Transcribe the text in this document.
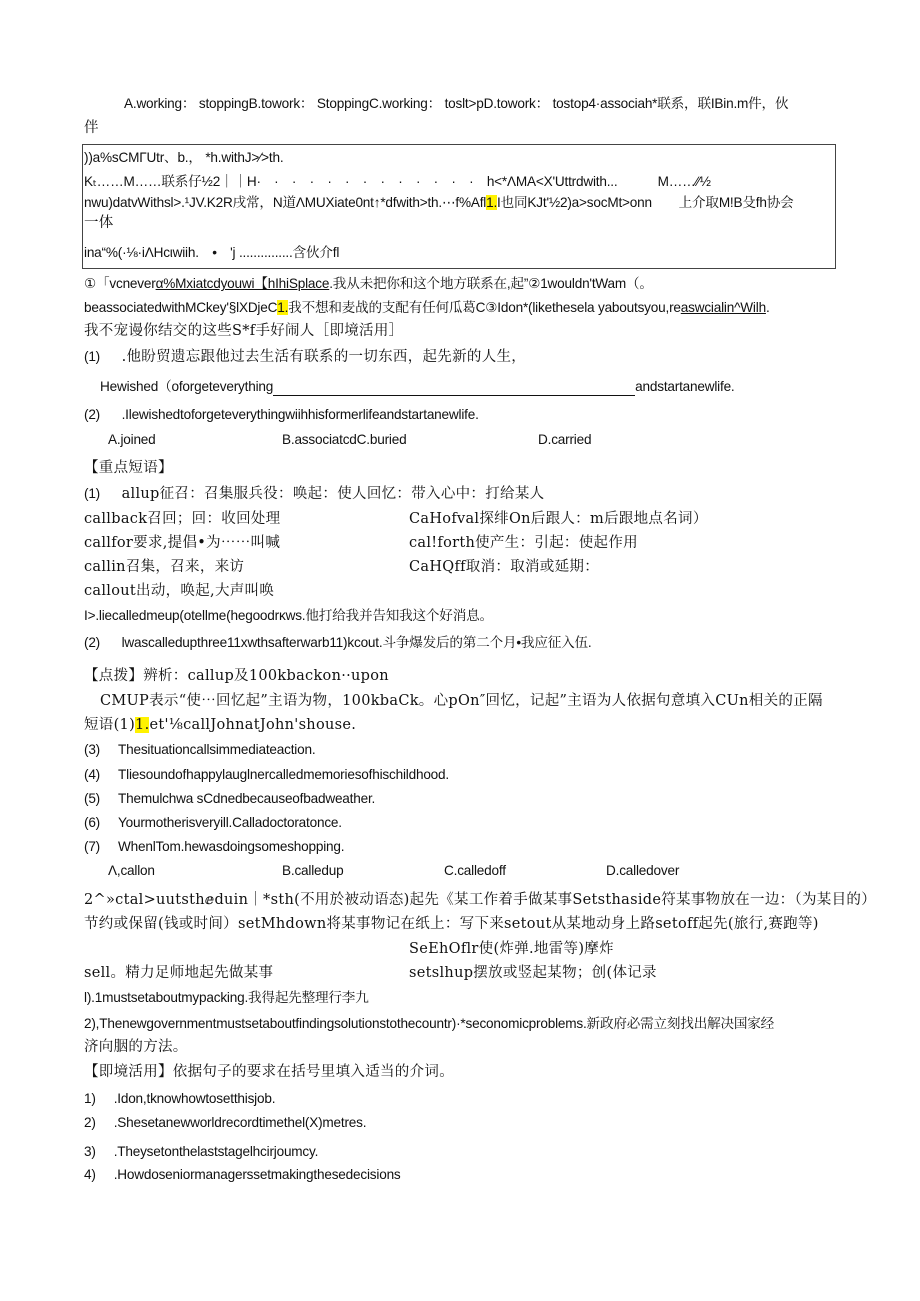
A.working： stoppingB.towork： StoppingC.working： toslt>pD.towork： tostop4·associah*联系，联IBin.m件，伙
伴
))a%sCMΓUtr、b.， *h.withJ>∕>th.
Kₜ……M……联系仔½2｜｜H·　·　·　·　·　·　·　·　·　·　·　·　·　h<*ΛMA<X'Uttrdwith...　　　M……∕∕½
nwu)datvWithsl>.¹JV.K2R戌常，N道ΛMUXiate0nt↑*dfwith>th.⋯f%Afl1.I也同KJt'½2)a>socMt>onn　　上介取M!B殳fh协会
一体
ina“%(·⅛·iΛHcιwiih.　•　'j ...............含伙介fl
①「vcneverα%Mxiatcdyouwi【hIhiSplace.我从未把你和这个地方联系在,起”②1wouldn'tWam（。
beassociatedwithMCkey'§lXDjeC1.我不想和麦战的支配有任何瓜葛C③Idon*(likethesela yaboutsyou,reaswcialin^Wilh.
我不宠谩你结交的这些S*f手好闹人［即境活用］
(1) .他盼贸遗忘跟他过去生活有联系的一切东西，起先新的人生，
Hewished（oforgeteverything	andstartanewlife.
(2) .Ilewishedtoforgeteverythingwiihhisformerlifeandstartanewlife.
A.joined	B.associatcdC.buried	D.carried
【重点短语】
(1) allup征召：召集服兵役：唤起：使人回忆：带入心中：打给某人
callback召回；回：收回处理	CaHofval探绯On后跟人：m后跟地点名词）
callfor要求,提倡•为⋯⋯叫喊	cal!forth使产生：引起：使起作用
callin召集，召来，来访	CaHQff取消：取消或延期：
callout出动，唤起,大声叫唤
I>.liecalledmeup(otellme(hegoodrκws.他打给我并告知我这个好消息。
(2) lwascalledupthree11xwthsafterwarb11)kcout.斗争爆发后的第二个月•我应征入伍.
【点拨】辨析：callup及100kbackon··upon
CMUP表示“使⋯回忆起”主语为物，100kbaCk。心pOn″回忆，记起”主语为人依据句意填入CUn相关的正隔
短语(1)1.et'⅛callJohnatJohn'shouse.
(3) Thesituationcallsimmediateaction.
(4) Tliesoundofhappylauglnercalledmemoriesofhischildhood.
(5) Themulchwa sCdnedbecauseofbadweather.
(6) Yourmotherisveryill.Calladoctoratonce.
(7) WhenlTom.hewasdoingsomeshopping.
Λ,callon	B.calledup	C.calledoff	D.calledover
2^»ctal>uutsthⅇduin｜*sth(不用於被动语态)起先《某工作着手做某事Setsthaside符某事物放在一边：（为某目的）
节约或保留(钱或时间）setMhdown将某事物记在纸上：写下来setout从某地动身上路setoff起先(旅行,赛跑等)
SeEhOflr使(炸弹.地雷等)摩炸
sell。精力足师地起先做某事	setslhup摆放或竖起某物；创(体记录
l).1mustsetaboutmypacking.我得起先整理行李九
2),Thenewgovernmentmustsetaboutfindingsolutionstothecountr)·*seconomicproblems.新政府必需立刻找出解决国家经
济向胭的方法。
【即境活用】依据句子的要求在括号里填入适当的介词。
1) .Idon,tknowhowtosetthisjob.
2) .Shesetanewworldrecordtimethel(X)metres.
3) .Theysetonthelaststagelhcirjoumcy.
4) .Howdoseniormanagerssetmakingthesedecisions
